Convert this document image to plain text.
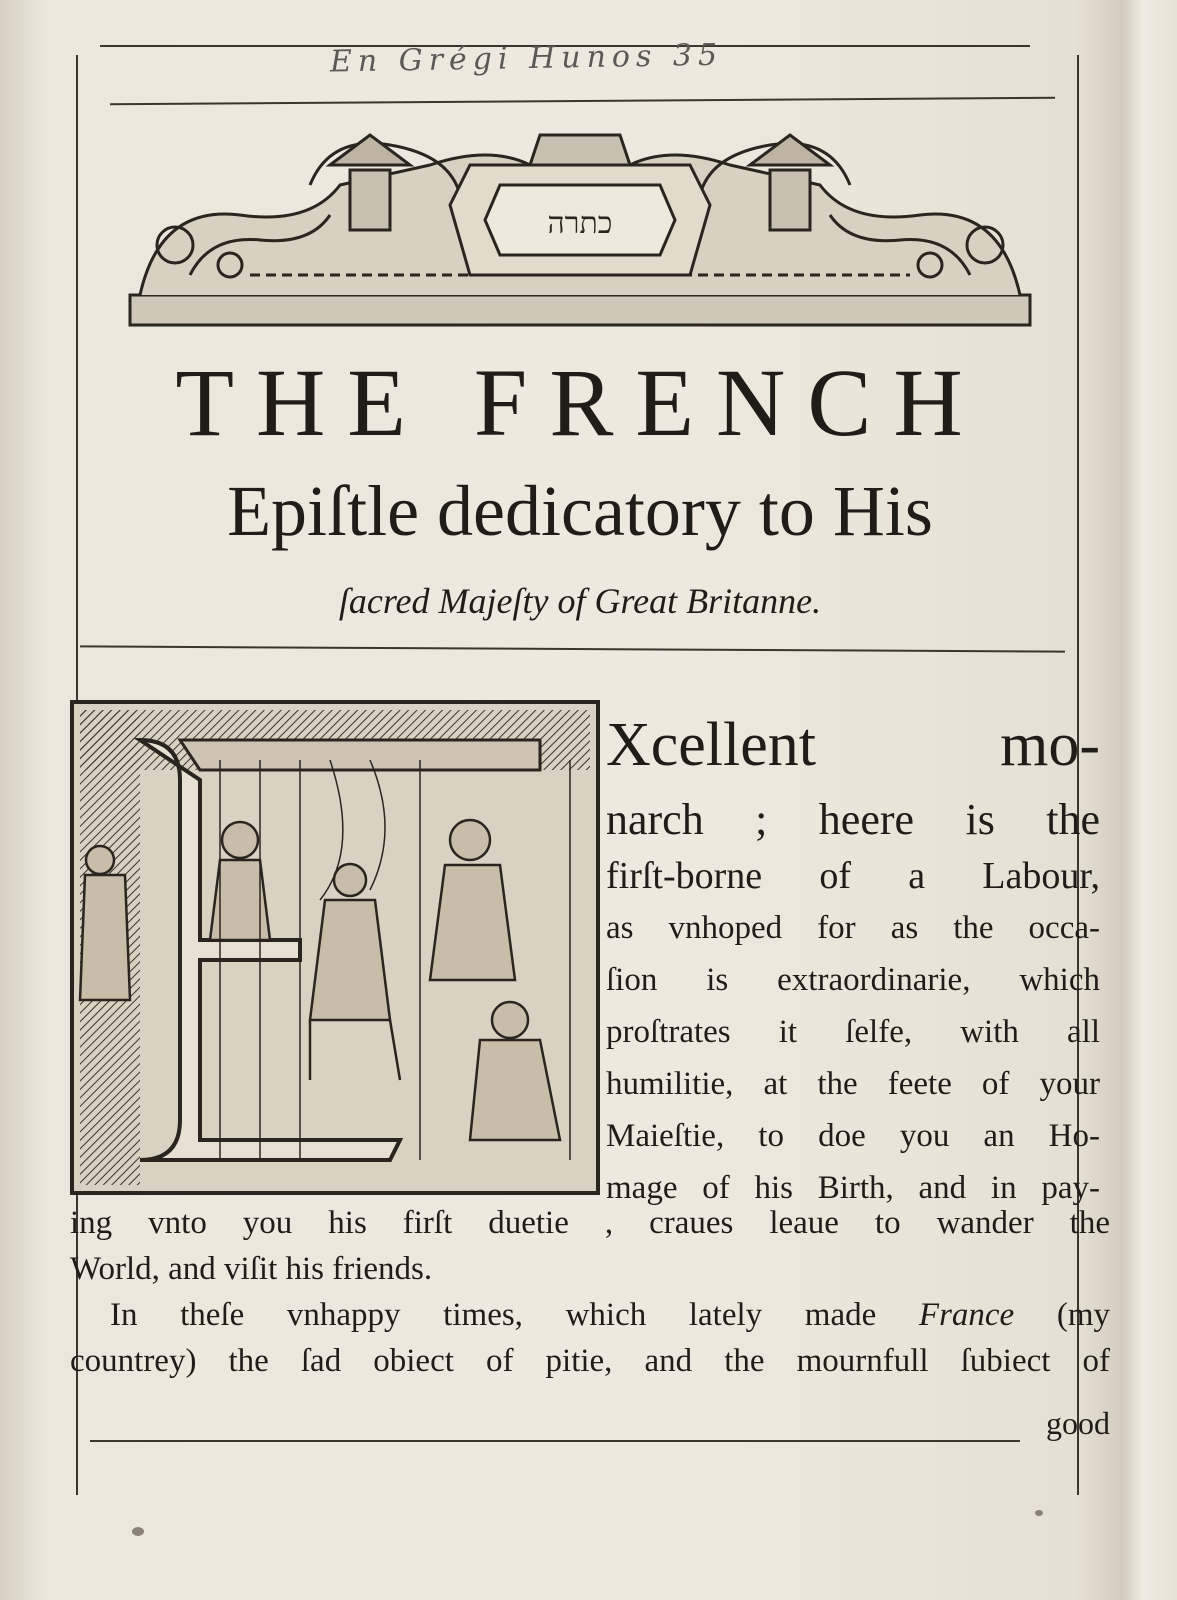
En Grégi Hunos 35
כתרה
THE FRENCH
Epiſtle dedicatory to His
ſacred Majeſty of Great Britanne.
Xcellent mo-
narch ; heere is the
firſt-borne of a Labour,
as vnhoped for as the occa-
ſion is extraordinarie, which
proſtrates it ſelfe, with all
humilitie, at the feete of your
Maieſtie, to doe you an Ho-
mage of his Birth, and in pay-
ing vnto you his firſt duetie , craues leaue to wander the
World, and viſit his friends.
In theſe vnhappy times, which lately made France (my
countrey) the ſad obiect of pitie, and the mournfull ſubiect of
good
